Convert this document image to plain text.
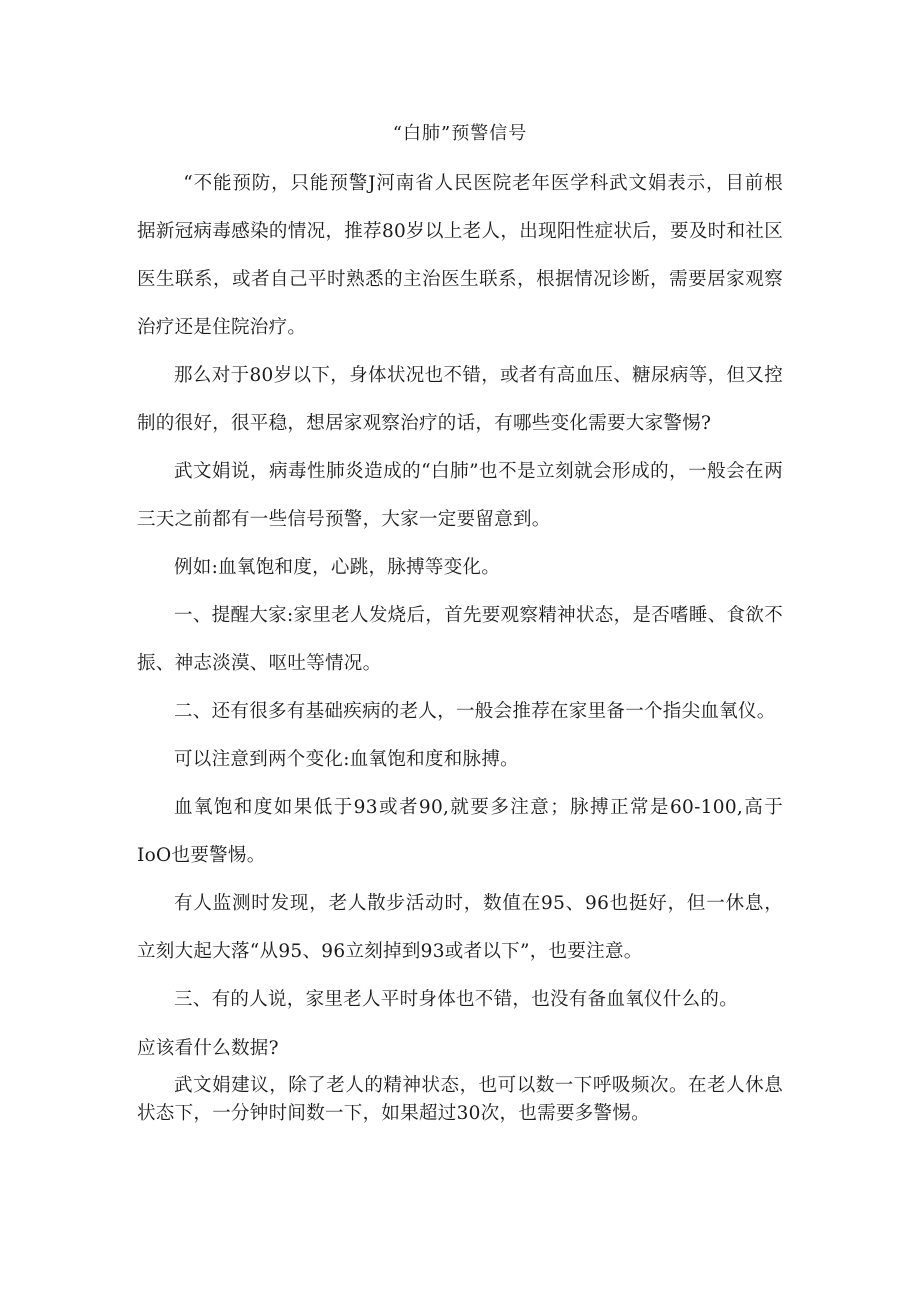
“白肺”预警信号

“不能预防，只能预警J河南省人民医院老年医学科武文娟表示，目前根据新冠病毒感染的情况，推荐80岁以上老人，出现阳性症状后，要及时和社区医生联系，或者自己平时熟悉的主治医生联系，根据情况诊断，需要居家观察治疗还是住院治疗。

那么对于80岁以下，身体状况也不错，或者有高血压、糖尿病等，但又控制的很好，很平稳，想居家观察治疗的话，有哪些变化需要大家警惕?

武文娟说，病毒性肺炎造成的“白肺”也不是立刻就会形成的，一般会在两三天之前都有一些信号预警，大家一定要留意到。

例如:血氧饱和度，心跳，脉搏等变化。

一、提醒大家:家里老人发烧后，首先要观察精神状态，是否嗜睡、食欲不振、神志淡漠、呕吐等情况。

二、还有很多有基础疾病的老人，一般会推荐在家里备一个指尖血氧仪。

可以注意到两个变化:血氧饱和度和脉搏。

血氧饱和度如果低于93或者90,就要多注意；脉搏正常是60-100,高于IoO也要警惕。

有人监测时发现，老人散步活动时，数值在95、96也挺好，但一休息，立刻大起大落“从95、96立刻掉到93或者以下”，也要注意。

三、有的人说，家里老人平时身体也不错，也没有备血氧仪什么的。

应该看什么数据?

武文娟建议，除了老人的精神状态，也可以数一下呼吸频次。在老人休息状态下，一分钟时间数一下，如果超过30次，也需要多警惕。
